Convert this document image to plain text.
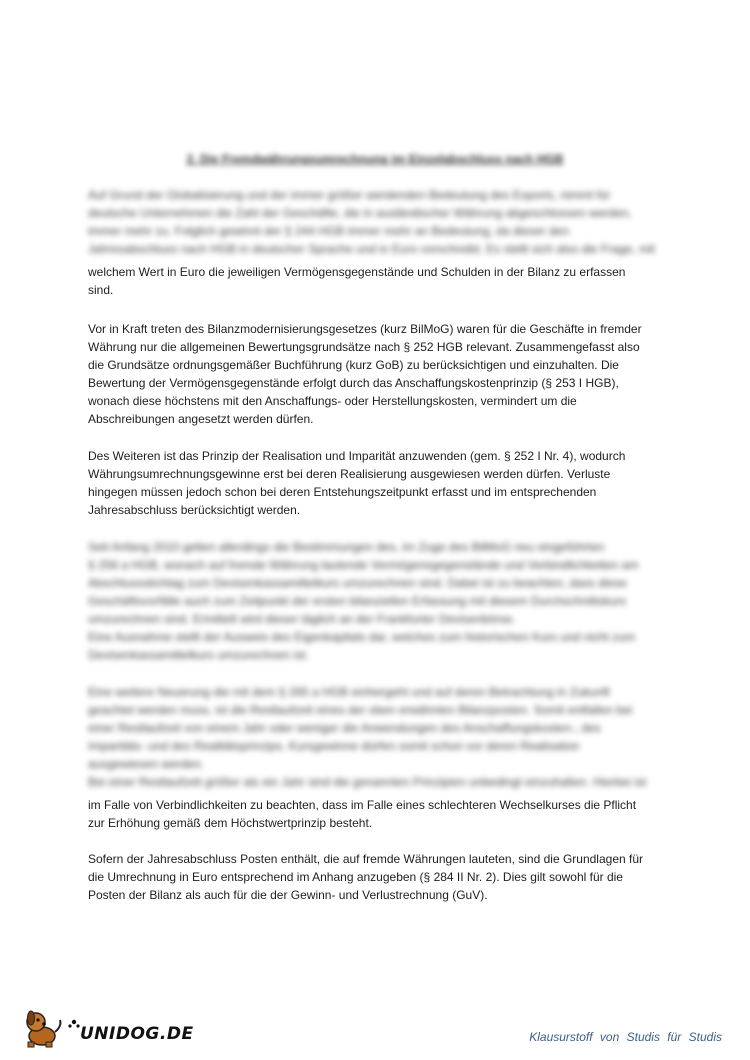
2. Die Fremdwährungsumrechnung im Einzelabschluss nach HGB
Auf Grund der Globalisierung und der immer größer werdenden Bedeutung des Exports, nimmt für
deutsche Unternehmen die Zahl der Geschäfte, die in ausländischer Währung abgeschlossen werden,
immer mehr zu. Folglich gewinnt der § 244 HGB immer mehr an Bedeutung, da dieser den
Jahresabschluss nach HGB in deutscher Sprache und in Euro vorschreibt. Es stellt sich also die Frage, mit
welchem Wert in Euro die jeweiligen Vermögensgegenstände und Schulden in der Bilanz zu erfassen
sind.
Vor in Kraft treten des Bilanzmodernisierungsgesetzes (kurz BilMoG) waren für die Geschäfte in fremder
Währung nur die allgemeinen Bewertungsgrundsätze nach § 252 HGB relevant. Zusammengefasst also
die Grundsätze ordnungsgemäßer Buchführung (kurz GoB) zu berücksichtigen und einzuhalten. Die
Bewertung der Vermögensgegenstände erfolgt durch das Anschaffungskostenprinzip (§ 253 I HGB),
wonach diese höchstens mit den Anschaffungs- oder Herstellungskosten, vermindert um die
Abschreibungen angesetzt werden dürfen.
Des Weiteren ist das Prinzip der Realisation und Imparität anzuwenden (gem. § 252 I Nr. 4), wodurch
Währungsumrechnungsgewinne erst bei deren Realisierung ausgewiesen werden dürfen. Verluste
hingegen müssen jedoch schon bei deren Entstehungszeitpunkt erfasst und im entsprechenden
Jahresabschluss berücksichtigt werden.
Seit Anfang 2010 gelten allerdings die Bestimmungen des, im Zuge des BilMoG neu eingeführten
§ 256 a HGB, wonach auf fremde Währung lautende Vermögensgegenstände und Verbindlichkeiten am
Abschlussstichtag zum Devisenkassamittelkurs umzurechnen sind. Dabei ist zu beachten, dass diese
Geschäftsvorfälle auch zum Zeitpunkt der ersten bilanziellen Erfassung mit diesem Durchschnittskurs
umzurechnen sind. Ermittelt wird dieser täglich an der Frankfurter Devisenbörse.
Eine Ausnahme stellt der Ausweis des Eigenkapitals dar, welches zum historischen Kurs und nicht zum
Devisenkassamittelkurs umzurechnen ist.
Eine weitere Neuerung die mit dem § 265 a HGB einhergeht und auf deren Betrachtung in Zukunft
geachtet werden muss, ist die Restlaufzeit eines der oben erwähnten Bilanzposten. Somit entfallen bei
einer Restlaufzeit von einem Jahr oder weniger die Anwendungen des Anschaffungskosten-, des
Imparitäts- und des Realitätsprinzips. Kursgewinne dürfen somit schon vor deren Realisation
ausgewiesen werden.
Bei einer Restlaufzeit größer als ein Jahr sind die genannten Prinzipien unbedingt einzuhalten. Hierbei ist
im Falle von Verbindlichkeiten zu beachten, dass im Falle eines schlechteren Wechselkurses die Pflicht
zur Erhöhung gemäß dem Höchstwertprinzip besteht.
Sofern der Jahresabschluss Posten enthält, die auf fremde Währungen lauteten, sind die Grundlagen für
die Umrechnung in Euro entsprechend im Anhang anzugeben (§ 284 II Nr. 2). Dies gilt sowohl für die
Posten der Bilanz als auch für die der Gewinn- und Verlustrechnung (GuV).
UNIDOG.DE	Klausurstoff von Studis für Studis
